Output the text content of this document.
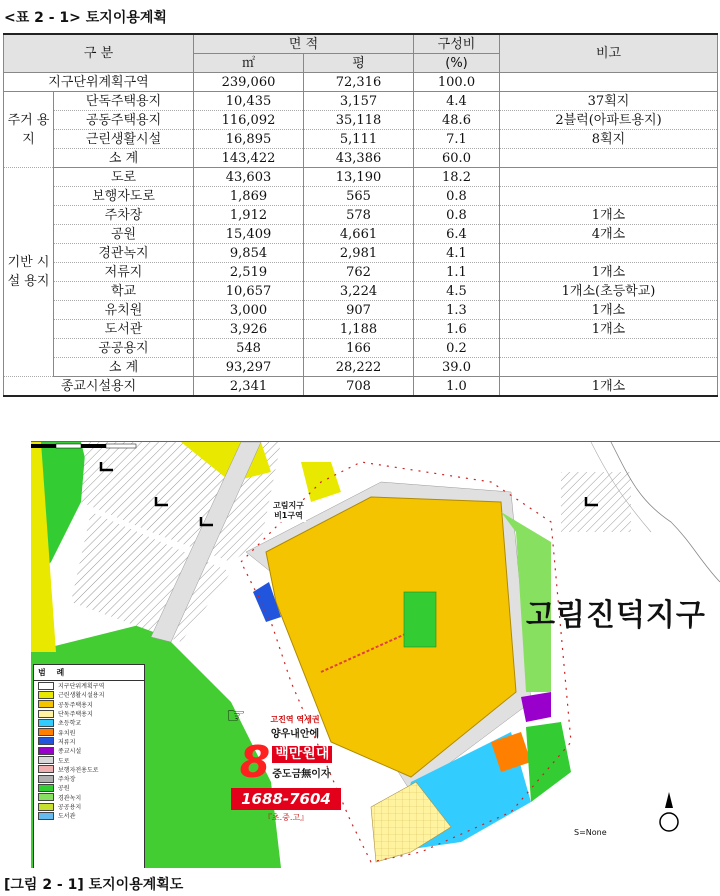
<표 2 - 1> 토지이용계획
구 분		면 적		구성비	비고
		㎡	평	(%)	
지구단위계획구역		239,060	72,316	100.0	
주거 용지	단독주택용지	10,435	3,157	4.4	37획지
	공동주택용지	116,092	35,118	48.6	2블럭(아파트용지)
	근린생활시설	16,895	5,111	7.1	8획지
	소 계	143,422	43,386	60.0	
기반 시설 용지	도로	43,603	13,190	18.2	
	보행자도로	1,869	565	0.8	
	주차장	1,912	578	0.8	1개소
	공원	15,409	4,661	6.4	4개소
	경관녹지	9,854	2,981	4.1	
	저류지	2,519	762	1.1	1개소
	학교	10,657	3,224	4.5	1개소(초등학교)
	유치원	3,000	907	1.3	1개소
	도서관	3,926	1,188	1.6	1개소
	공공용지	548	166	0.2	
	소 계	93,297	28,222	39.0	
종교시설용지		2,341	708	1.0	1개소
고림진덕지구
고림지구
비1구역
범 례
지구단위계획구역
근린생활시설용지
공동주택용지
단독주택용지
초등학교
유치원
저류지
종교시설
도로
보행자전용도로
주차장
공원
경관녹지
공공용지
도서관
☞	고진역 역세권
양우내안에
8 백만원대
중도금無이자
1688-7604
『초.중.고』
S=None
[그림 2 - 1] 토지이용계획도
